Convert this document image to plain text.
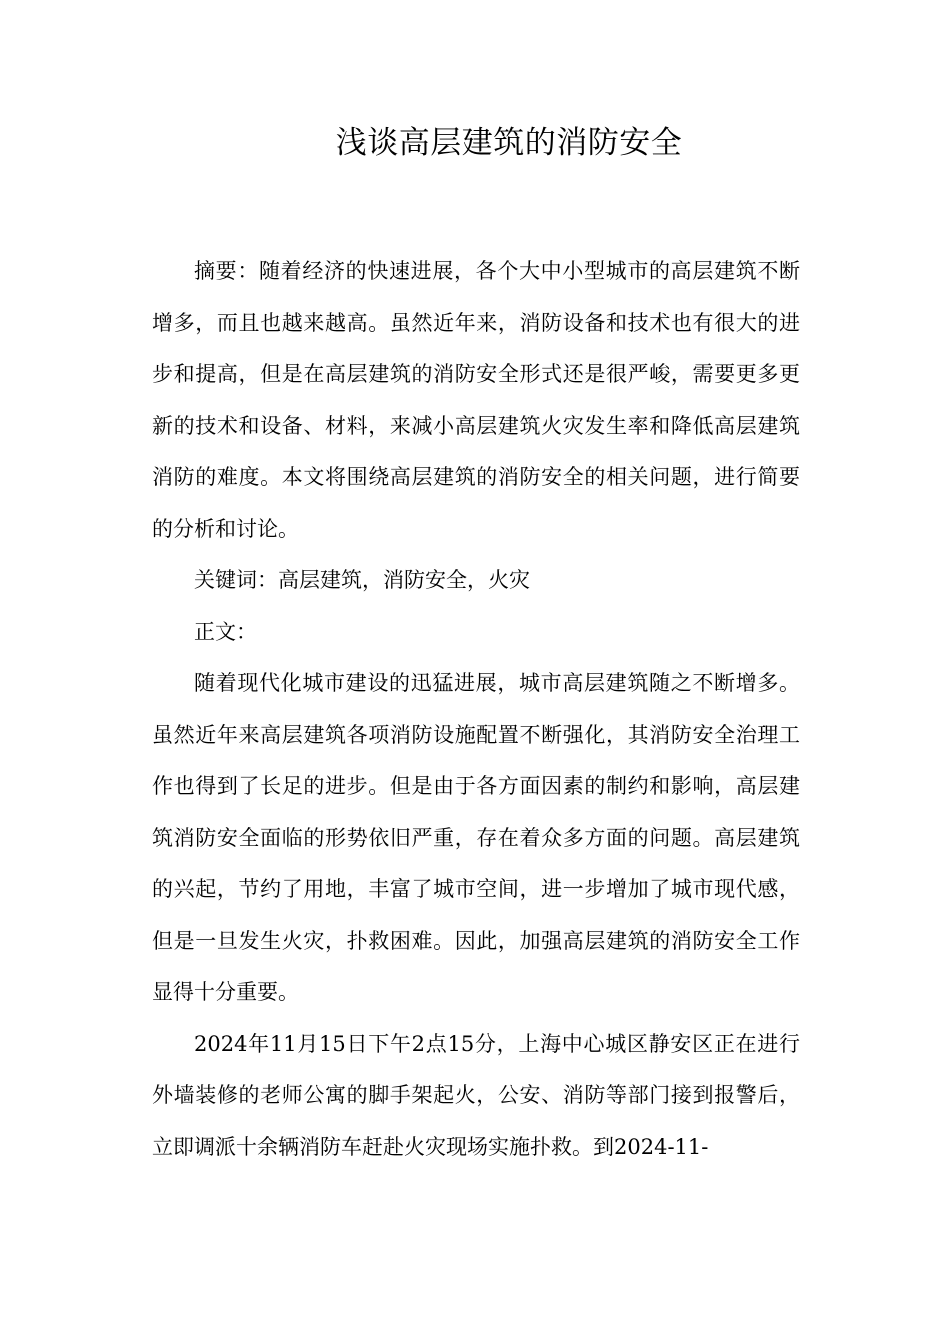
浅谈高层建筑的消防安全

摘要：随着经济的快速进展，各个大中小型城市的高层建筑不断增多，而且也越来越高。虽然近年来，消防设备和技术也有很大的进步和提高，但是在高层建筑的消防安全形式还是很严峻，需要更多更新的技术和设备、材料，来减小高层建筑火灾发生率和降低高层建筑消防的难度。本文将围绕高层建筑的消防安全的相关问题，进行简要的分析和讨论。

关键词：高层建筑，消防安全，火灾

正文：

随着现代化城市建设的迅猛进展，城市高层建筑随之不断增多。虽然近年来高层建筑各项消防设施配置不断强化，其消防安全治理工作也得到了长足的进步。但是由于各方面因素的制约和影响，高层建筑消防安全面临的形势依旧严重，存在着众多方面的问题。高层建筑的兴起，节约了用地，丰富了城市空间，进一步增加了城市现代感，但是一旦发生火灾，扑救困难。因此，加强高层建筑的消防安全工作显得十分重要。

2024年11月15日下午2点15分，上海中心城区静安区正在进行外墙装修的老师公寓的脚手架起火，公安、消防等部门接到报警后，立即调派十余辆消防车赶赴火灾现场实施扑救。到2024-11-
